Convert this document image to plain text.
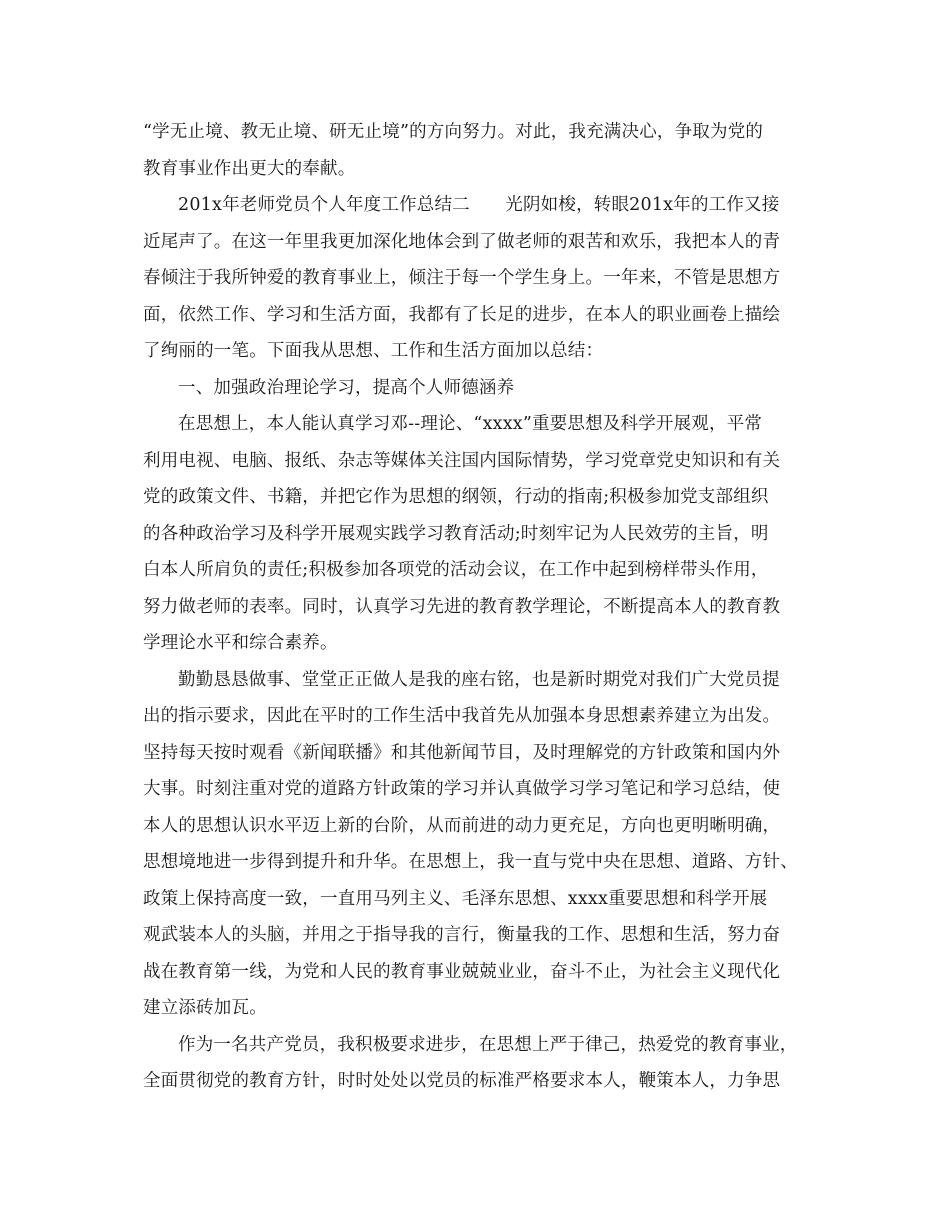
“学无止境、教无止境、研无止境”的方向努力。对此，我充满决心，争取为党的
教育事业作出更大的奉献。
201x年老师党员个人年度工作总结二　　光阴如梭，转眼201x年的工作又接
近尾声了。在这一年里我更加深化地体会到了做老师的艰苦和欢乐，我把本人的青
春倾注于我所钟爱的教育事业上，倾注于每一个学生身上。一年来，不管是思想方
面，依然工作、学习和生活方面，我都有了长足的进步，在本人的职业画卷上描绘
了绚丽的一笔。下面我从思想、工作和生活方面加以总结：
一、加强政治理论学习，提高个人师德涵养
在思想上，本人能认真学习邓--理论、“xxxx”重要思想及科学开展观，平常
利用电视、电脑、报纸、杂志等媒体关注国内国际情势，学习党章党史知识和有关
党的政策文件、书籍，并把它作为思想的纲领，行动的指南;积极参加党支部组织
的各种政治学习及科学开展观实践学习教育活动;时刻牢记为人民效劳的主旨，明
白本人所肩负的责任;积极参加各项党的活动会议，在工作中起到榜样带头作用，
努力做老师的表率。同时，认真学习先进的教育教学理论，不断提高本人的教育教
学理论水平和综合素养。
勤勤恳恳做事、堂堂正正做人是我的座右铭，也是新时期党对我们广大党员提
出的指示要求，因此在平时的工作生活中我首先从加强本身思想素养建立为出发。
坚持每天按时观看《新闻联播》和其他新闻节目，及时理解党的方针政策和国内外
大事。时刻注重对党的道路方针政策的学习并认真做学习学习笔记和学习总结，使
本人的思想认识水平迈上新的台阶，从而前进的动力更充足，方向也更明晰明确，
思想境地进一步得到提升和升华。在思想上，我一直与党中央在思想、道路、方针、
政策上保持高度一致，一直用马列主义、毛泽东思想、xxxx重要思想和科学开展
观武装本人的头脑，并用之于指导我的言行，衡量我的工作、思想和生活，努力奋
战在教育第一线，为党和人民的教育事业兢兢业业，奋斗不止，为社会主义现代化
建立添砖加瓦。
作为一名共产党员，我积极要求进步，在思想上严于律己，热爱党的教育事业，
全面贯彻党的教育方针，时时处处以党员的标准严格要求本人，鞭策本人，力争思
